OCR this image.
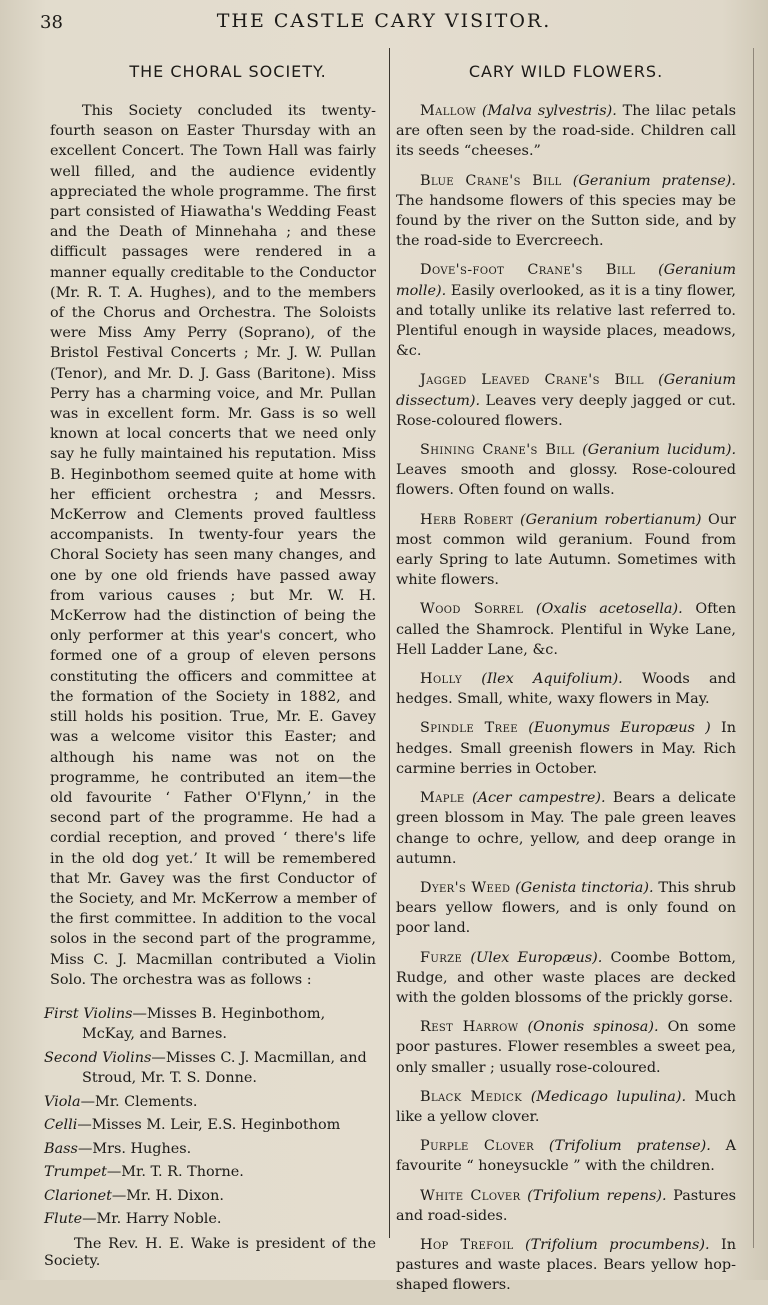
38	THE CASTLE CARY VISITOR.
THE CHORAL SOCIETY.

This Society concluded its twenty-fourth season on Easter Thursday with an excellent Concert. The Town Hall was fairly well filled, and the audience evidently appreciated the whole programme. The first part consisted of Hiawatha's Wedding Feast and the Death of Minnehaha ; and these difficult passages were rendered in a manner equally creditable to the Conductor (Mr. R. T. A. Hughes), and to the members of the Chorus and Orchestra. The Soloists were Miss Amy Perry (Soprano), of the Bristol Festival Concerts ; Mr. J. W. Pullan (Tenor), and Mr. D. J. Gass (Baritone). Miss Perry has a charming voice, and Mr. Pullan was in excellent form. Mr. Gass is so well known at local concerts that we need only say he fully maintained his reputation. Miss B. Heginbothom seemed quite at home with her efficient orchestra ; and Messrs. McKerrow and Clements proved faultless accompanists. In twenty-four years the Choral Society has seen many changes, and one by one old friends have passed away from various causes ; but Mr. W. H. McKerrow had the distinction of being the only performer at this year's concert, who formed one of a group of eleven persons constituting the officers and committee at the formation of the Society in 1882, and still holds his position. True, Mr. E. Gavey was a welcome visitor this Easter; and although his name was not on the programme, he contributed an item—the old favourite ‘ Father O'Flynn,’ in the second part of the programme. He had a cordial reception, and proved ‘ there's life in the old dog yet.’ It will be remembered that Mr. Gavey was the first Conductor of the Society, and Mr. McKerrow a member of the first committee. In addition to the vocal solos in the second part of the programme, Miss C. J. Macmillan contributed a Violin Solo. The orchestra was as follows :

First Violins—Misses B. Heginbothom, McKay, and Barnes.
Second Violins—Misses C. J. Macmillan, and Stroud, Mr. T. S. Donne.
Viola—Mr. Clements.
Celli—Misses M. Leir, E.S. Heginbothom
Bass—Mrs. Hughes.
Trumpet—Mr. T. R. Thorne.
Clarionet—Mr. H. Dixon.
Flute—Mr. Harry Noble.

The Rev. H. E. Wake is president of the Society.

CARY WILD FLOWERS.

Mallow (Malva sylvestris). The lilac petals are often seen by the road-side. Children call its seeds “cheeses.”

Blue Crane's Bill (Geranium pratense). The handsome flowers of this species may be found by the river on the Sutton side, and by the road-side to Evercreech.

Dove's-foot Crane's Bill (Geranium molle). Easily overlooked, as it is a tiny flower, and totally unlike its relative last referred to. Plentiful enough in wayside places, meadows, &c.

Jagged Leaved Crane's Bill (Geranium dissectum). Leaves very deeply jagged or cut. Rose-coloured flowers.

Shining Crane's Bill (Geranium lucidum). Leaves smooth and glossy. Rose-coloured flowers. Often found on walls.

Herb Robert (Geranium robertianum) Our most common wild geranium. Found from early Spring to late Autumn. Sometimes with white flowers.

Wood Sorrel (Oxalis acetosella). Often called the Shamrock. Plentiful in Wyke Lane, Hell Ladder Lane, &c.

Holly (Ilex Aquifolium). Woods and hedges. Small, white, waxy flowers in May.

Spindle Tree (Euonymus Europæus ) In hedges. Small greenish flowers in May. Rich carmine berries in October.

Maple (Acer campestre). Bears a delicate green blossom in May. The pale green leaves change to ochre, yellow, and deep orange in autumn.

Dyer's Weed (Genista tinctoria). This shrub bears yellow flowers, and is only found on poor land.

Furze (Ulex Europæus). Coombe Bottom, Rudge, and other waste places are decked with the golden blossoms of the prickly gorse.

Rest Harrow (Ononis spinosa). On some poor pastures. Flower resembles a sweet pea, only smaller ; usually rose-coloured.

Black Medick (Medicago lupulina). Much like a yellow clover.

Purple Clover (Trifolium pratense). A favourite “ honeysuckle ” with the children.

White Clover (Trifolium repens). Pastures and road-sides.

Hop Trefoil (Trifolium procumbens). In pastures and waste places. Bears yellow hop-shaped flowers.
